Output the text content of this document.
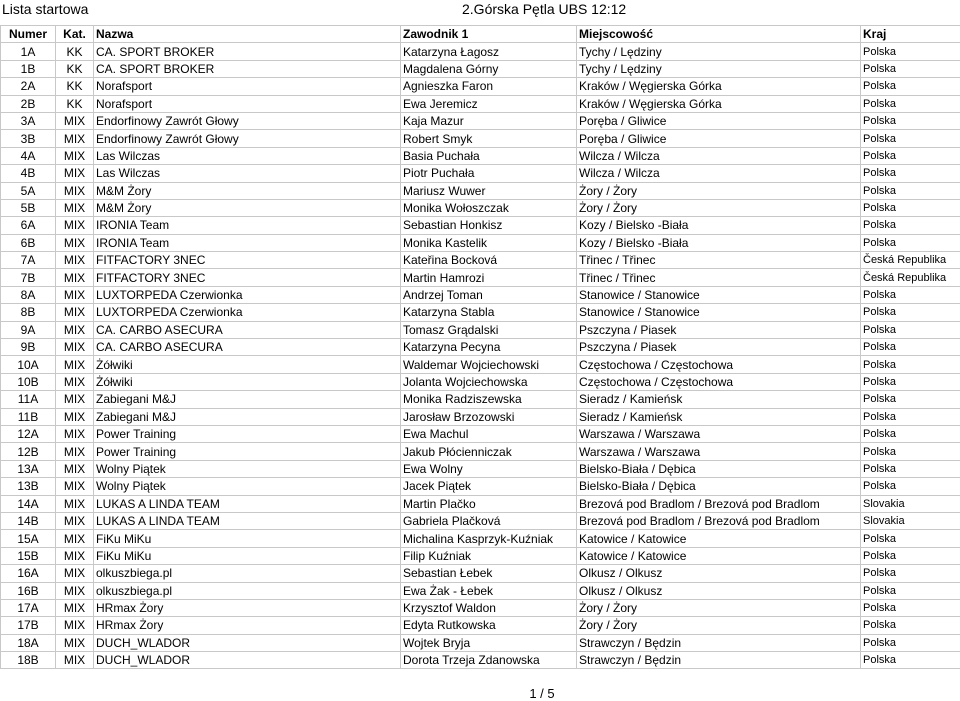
Lista startowa	2.Górska Pętla UBS 12:12
Numer	Kat.	Nazwa	Zawodnik 1	Miejscowość	Kraj
1A	KK	CA. SPORT BROKER	Katarzyna Łagosz	Tychy / Lędziny	Polska
1B	KK	CA. SPORT BROKER	Magdalena Górny	Tychy / Lędziny	Polska
2A	KK	Norafsport	Agnieszka Faron	Kraków / Węgierska Górka	Polska
2B	KK	Norafsport	Ewa Jeremicz	Kraków / Węgierska Górka	Polska
3A	MIX	Endorfinowy Zawrót Głowy	Kaja Mazur	Poręba / Gliwice	Polska
3B	MIX	Endorfinowy Zawrót Głowy	Robert Smyk	Poręba / Gliwice	Polska
4A	MIX	Las Wilczas	Basia Puchała	Wilcza / Wilcza	Polska
4B	MIX	Las Wilczas	Piotr Puchała	Wilcza / Wilcza	Polska
5A	MIX	M&M Żory	Mariusz Wuwer	Żory / Żory	Polska
5B	MIX	M&M Żory	Monika Wołoszczak	Żory / Żory	Polska
6A	MIX	IRONIA Team	Sebastian Honkisz	Kozy / Bielsko -Biała	Polska
6B	MIX	IRONIA Team	Monika Kastelik	Kozy / Bielsko -Biała	Polska
7A	MIX	FITFACTORY 3NEC	Kateřina Bocková	Třinec / Třinec	Česká Republika
7B	MIX	FITFACTORY 3NEC	Martin Hamrozi	Třinec / Třinec	Česká Republika
8A	MIX	LUXTORPEDA Czerwionka	Andrzej Toman	Stanowice / Stanowice	Polska
8B	MIX	LUXTORPEDA Czerwionka	Katarzyna Stabla	Stanowice / Stanowice	Polska
9A	MIX	CA. CARBO ASECURA	Tomasz Grądalski	Pszczyna / Piasek	Polska
9B	MIX	CA. CARBO ASECURA	Katarzyna Pecyna	Pszczyna / Piasek	Polska
10A	MIX	Żółwiki	Waldemar Wojciechowski	Częstochowa / Częstochowa	Polska
10B	MIX	Żółwiki	Jolanta Wojciechowska	Częstochowa / Częstochowa	Polska
11A	MIX	Zabiegani M&J	Monika Radziszewska	Sieradz / Kamieńsk	Polska
11B	MIX	Zabiegani M&J	Jarosław Brzozowski	Sieradz / Kamieńsk	Polska
12A	MIX	Power Training	Ewa Machul	Warszawa / Warszawa	Polska
12B	MIX	Power Training	Jakub Płócienniczak	Warszawa / Warszawa	Polska
13A	MIX	Wolny Piątek	Ewa Wolny	Bielsko-Biała / Dębica	Polska
13B	MIX	Wolny Piątek	Jacek Piątek	Bielsko-Biała / Dębica	Polska
14A	MIX	LUKAS A LINDA TEAM	Martin Plačko	Brezová pod Bradlom / Brezová pod Bradlom	Slovakia
14B	MIX	LUKAS A LINDA TEAM	Gabriela Plačková	Brezová pod Bradlom / Brezová pod Bradlom	Slovakia
15A	MIX	FiKu MiKu	Michalina Kasprzyk-Kuźniak	Katowice / Katowice	Polska
15B	MIX	FiKu MiKu	Filip Kuźniak	Katowice / Katowice	Polska
16A	MIX	olkuszbiega.pl	Sebastian Łebek	Olkusz / Olkusz	Polska
16B	MIX	olkuszbiega.pl	Ewa Żak - Łebek	Olkusz / Olkusz	Polska
17A	MIX	HRmax Żory	Krzysztof Waldon	Żory / Żory	Polska
17B	MIX	HRmax Żory	Edyta Rutkowska	Żory / Żory	Polska
18A	MIX	DUCH_WLADOR	Wojtek Bryja	Strawczyn / Będzin	Polska
18B	MIX	DUCH_WLADOR	Dorota Trzeja Zdanowska	Strawczyn / Będzin	Polska
1 / 5
